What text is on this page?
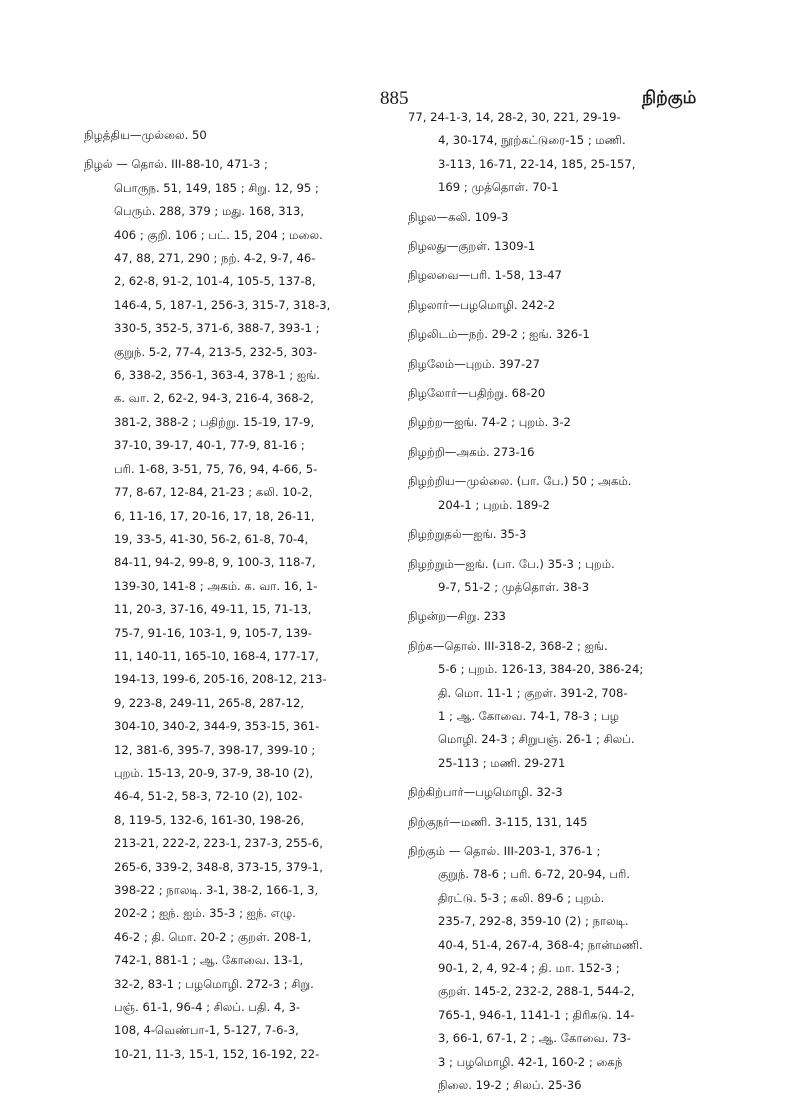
885	நிற்கும்
நிழத்திய—முல்லை. 50
நிழல் — தொல். III-88-10, 471-3 ;
பொருந. 51, 149, 185 ; சிறு. 12, 95 ;
பெரும். 288, 379 ; மது. 168, 313,
406 ; குறி. 106 ; பட். 15, 204 ; மலை.
47, 88, 271, 290 ; நற். 4-2, 9-7, 46-
2, 62-8, 91-2, 101-4, 105-5, 137-8,
146-4, 5, 187-1, 256-3, 315-7, 318-3,
330-5, 352-5, 371-6, 388-7, 393-1 ;
குறுந். 5-2, 77-4, 213-5, 232-5, 303-
6, 338-2, 356-1, 363-4, 378-1 ; ஐங்.
க. வா. 2, 62-2, 94-3, 216-4, 368-2,
381-2, 388-2 ; பதிற்று. 15-19, 17-9,
37-10, 39-17, 40-1, 77-9, 81-16 ;
பரி. 1-68, 3-51, 75, 76, 94, 4-66, 5-
77, 8-67, 12-84, 21-23 ; கலி. 10-2,
6, 11-16, 17, 20-16, 17, 18, 26-11,
19, 33-5, 41-30, 56-2, 61-8, 70-4,
84-11, 94-2, 99-8, 9, 100-3, 118-7,
139-30, 141-8 ; அகம். க. வா. 16, 1-
11, 20-3, 37-16, 49-11, 15, 71-13,
75-7, 91-16, 103-1, 9, 105-7, 139-
11, 140-11, 165-10, 168-4, 177-17,
194-13, 199-6, 205-16, 208-12, 213-
9, 223-8, 249-11, 265-8, 287-12,
304-10, 340-2, 344-9, 353-15, 361-
12, 381-6, 395-7, 398-17, 399-10 ;
புறம். 15-13, 20-9, 37-9, 38-10 (2),
46-4, 51-2, 58-3, 72-10 (2), 102-
8, 119-5, 132-6, 161-30, 198-26,
213-21, 222-2, 223-1, 237-3, 255-6,
265-6, 339-2, 348-8, 373-15, 379-1,
398-22 ; நாலடி. 3-1, 38-2, 166-1, 3,
202-2 ; ஐந். ஐம். 35-3 ; ஐந். எழு.
46-2 ; தி. மொ. 20-2 ; குறள். 208-1,
742-1, 881-1 ; ஆ. கோவை. 13-1,
32-2, 83-1 ; பழமொழி. 272-3 ; சிறு.
பஞ். 61-1, 96-4 ; சிலப். பதி. 4, 3-
108, 4-வெண்பா-1, 5-127, 7-6-3,
10-21, 11-3, 15-1, 152, 16-192, 22-
77, 24-1-3, 14, 28-2, 30, 221, 29-19-
4, 30-174, நூற்கட்டுரை-15 ; மணி.
3-113, 16-71, 22-14, 185, 25-157,
169 ; முத்தொள். 70-1
நிழல—கலி. 109-3
நிழலது—குறள். 1309-1
நிழலவை—பரி. 1-58, 13-47
நிழலார்—பழமொழி. 242-2
நிழலிடம்—நற். 29-2 ; ஐங். 326-1
நிழலேம்—புறம். 397-27
நிழலோர்—பதிற்று. 68-20
நிழற்ற—ஐங். 74-2 ; புறம். 3-2
நிழற்றி—அகம். 273-16
நிழற்றிய—முல்லை. (பா. பே.) 50 ; அகம்.
204-1 ; புறம். 189-2
நிழற்றுதல்—ஐங். 35-3
நிழற்றும்—ஐங். (பா. பே.) 35-3 ; புறம்.
9-7, 51-2 ; முத்தொள். 38-3
நிழன்ற—சிறு. 233
நிற்க—தொல். III-318-2, 368-2 ; ஐங்.
5-6 ; புறம். 126-13, 384-20, 386-24;
தி. மொ. 11-1 ; குறள். 391-2, 708-
1 ; ஆ. கோவை. 74-1, 78-3 ; பழ
மொழி. 24-3 ; சிறுபஞ். 26-1 ; சிலப்.
25-113 ; மணி. 29-271
நிற்கிற்பார்—பழமொழி. 32-3
நிற்குநர்—மணி. 3-115, 131, 145
நிற்கும் — தொல். III-203-1, 376-1 ;
குறுந். 78-6 ; பரி. 6-72, 20-94, பரி.
திரட்டு. 5-3 ; கலி. 89-6 ; புறம்.
235-7, 292-8, 359-10 (2) ; நாலடி.
40-4, 51-4, 267-4, 368-4; நான்மணி.
90-1, 2, 4, 92-4 ; தி. மா. 152-3 ;
குறள். 145-2, 232-2, 288-1, 544-2,
765-1, 946-1, 1141-1 ; திரிகடு. 14-
3, 66-1, 67-1, 2 ; ஆ. கோவை. 73-
3 ; பழமொழி. 42-1, 160-2 ; கைந்
நிலை. 19-2 ; சிலப். 25-36
